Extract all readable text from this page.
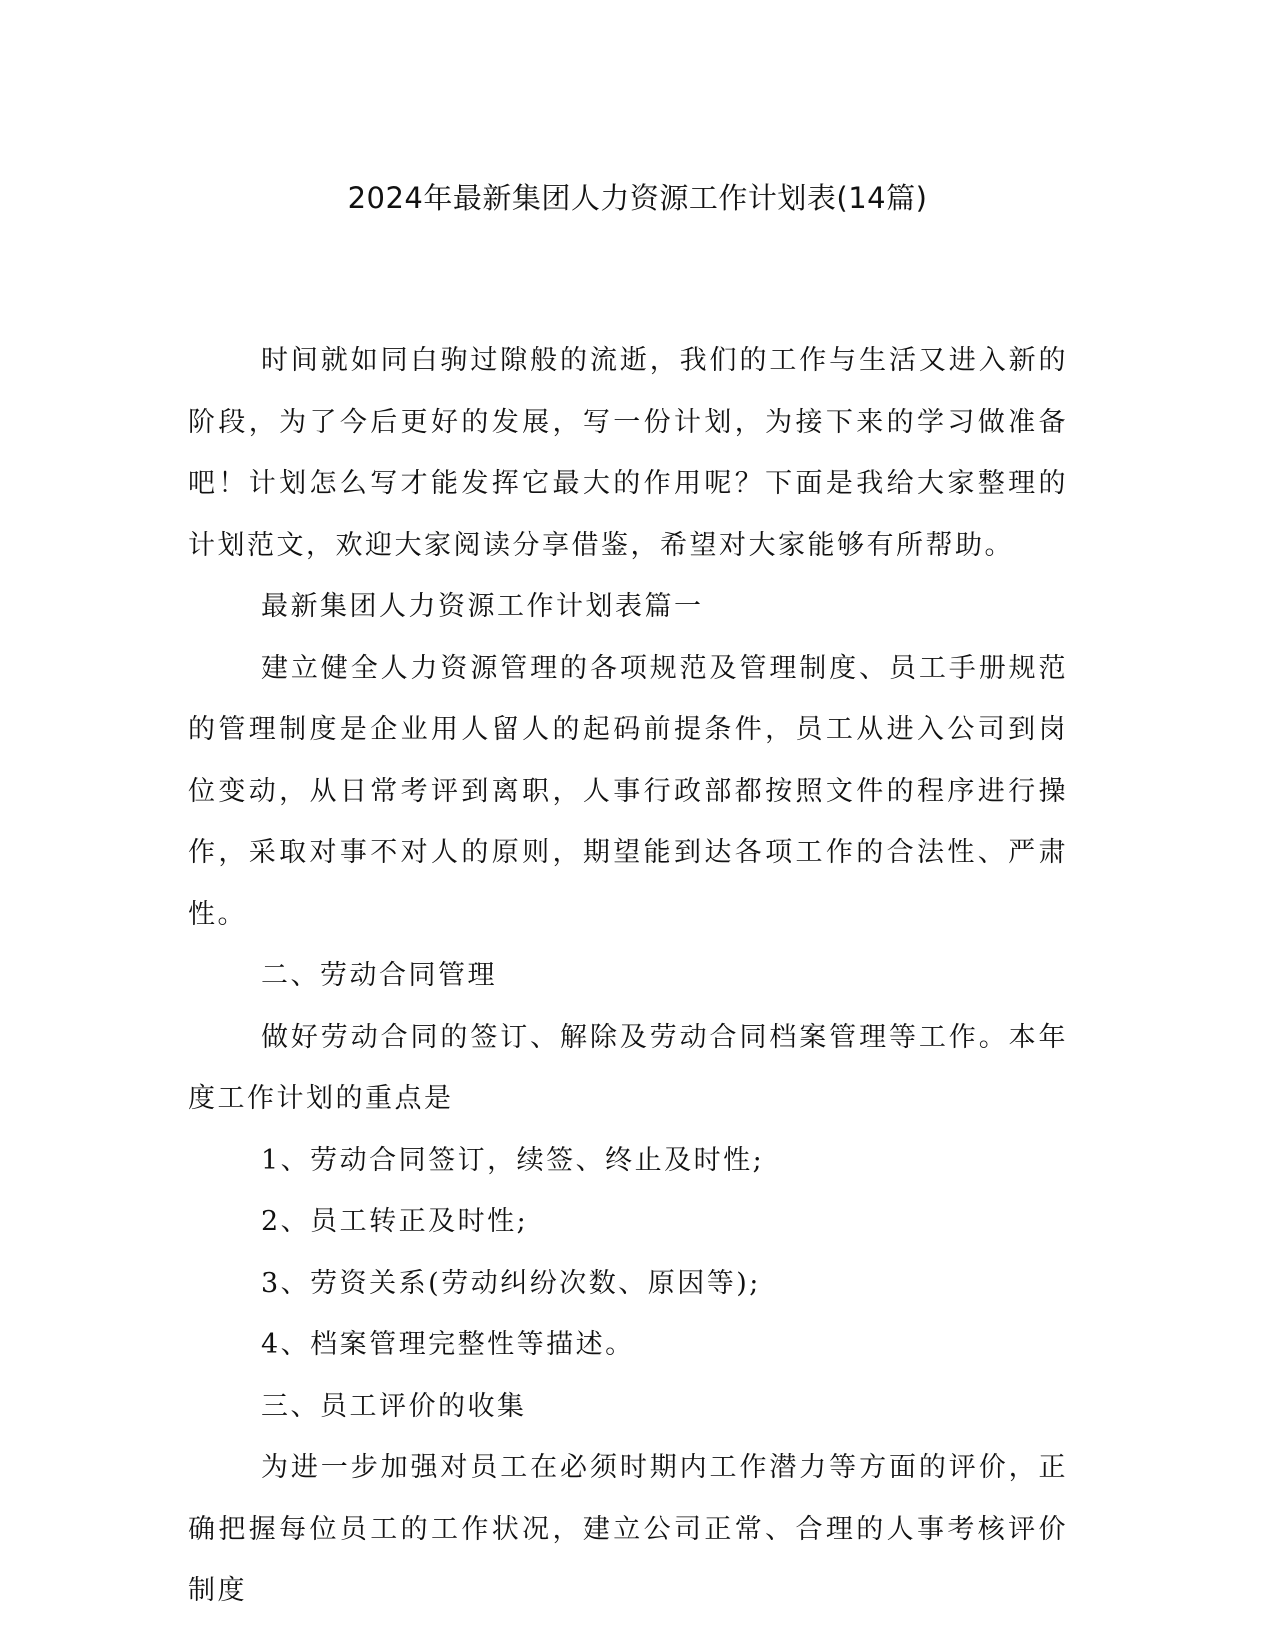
2024年最新集团人力资源工作计划表(14篇)

时间就如同白驹过隙般的流逝，我们的工作与生活又进入新的阶段，为了今后更好的发展，写一份计划，为接下来的学习做准备吧！计划怎么写才能发挥它最大的作用呢？下面是我给大家整理的计划范文，欢迎大家阅读分享借鉴，希望对大家能够有所帮助。

最新集团人力资源工作计划表篇一

建立健全人力资源管理的各项规范及管理制度、员工手册规范的管理制度是企业用人留人的起码前提条件，员工从进入公司到岗位变动，从日常考评到离职，人事行政部都按照文件的程序进行操作，采取对事不对人的原则，期望能到达各项工作的合法性、严肃性。

二、劳动合同管理

做好劳动合同的签订、解除及劳动合同档案管理等工作。本年度工作计划的重点是

1、劳动合同签订，续签、终止及时性;

2、员工转正及时性;

3、劳资关系(劳动纠纷次数、原因等);

4、档案管理完整性等描述。

三、员工评价的收集

为进一步加强对员工在必须时期内工作潜力等方面的评价，正确把握每位员工的工作状况，建立公司正常、合理的人事考核评价制度
